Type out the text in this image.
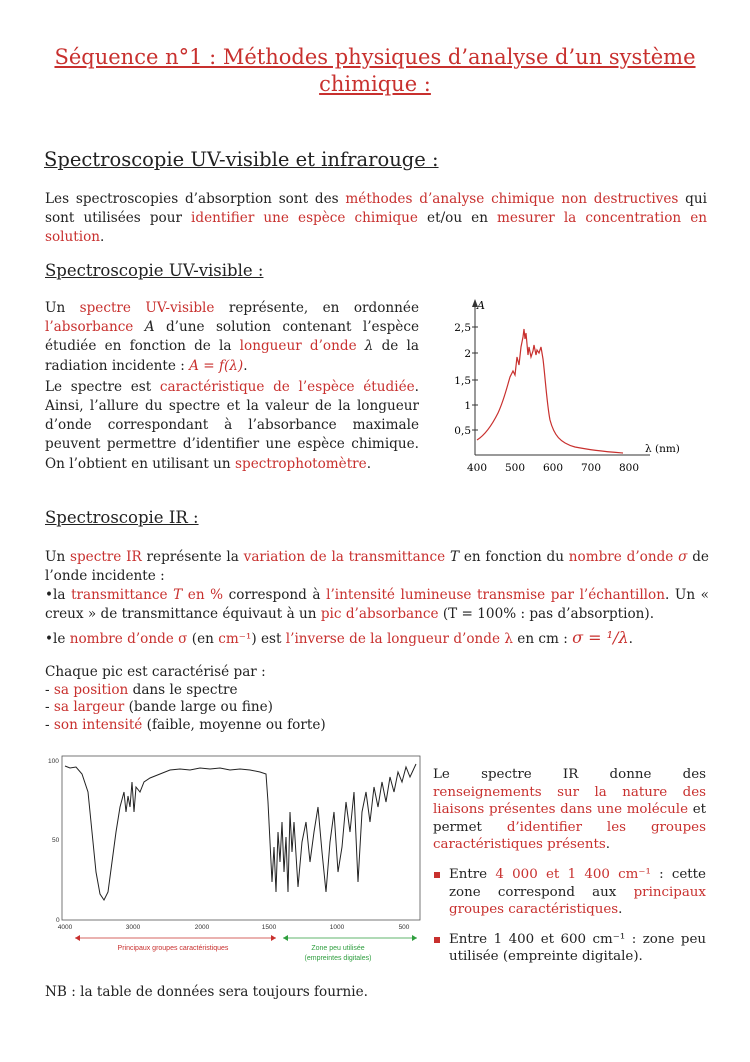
Séquence n°1 : Méthodes physiques d’analyse d’un système
chimique :
Spectroscopie UV-visible et infrarouge :
Les spectroscopies d’absorption sont des méthodes d’analyse chimique non destructives qui sont utilisées pour identifier une espèce chimique et/ou en mesurer la concentration en solution.
Spectroscopie UV-visible :

Un spectre UV-visible représente, en ordonnée l’absorbance A d’une solution contenant l’espèce étudiée en fonction de la longueur d’onde λ de la radiation incidente : A = f(λ).

Le spectre est caractéristique de l’espèce étudiée. Ainsi, l’allure du spectre et la valeur de la longueur d’onde correspondant à l’absorbance maximale peuvent permettre d’identifier une espèce chimique. On l’obtient en utilisant un spectrophotomètre.

A
λ (nm)
0,5
1
1,5
2
2,5
400 500 600 700 800
Spectroscopie IR :

Un spectre IR représente la variation de la transmittance T en fonction du nombre d’onde σ de l’onde incidente :

•la transmittance T en % correspond à l’intensité lumineuse transmise par l’échantillon. Un « creux » de transmittance équivaut à un pic d’absorbance (T = 100% : pas d’absorption).

•le nombre d’onde σ (en cm⁻¹) est l’inverse de la longueur d’onde λ en cm : σ = ¹/λ.

Chaque pic est caractérisé par :
- sa position dans le spectre
- sa largeur (bande large ou fine)
- son intensité (faible, moyenne ou forte)
100
50
0
4000	3000	2000	1500	1000	500
Principaux groupes caractéristiques	Zone peu utilisée
(empreintes digitales)

Le spectre IR donne des renseignements sur la nature des liaisons présentes dans une molécule et permet d’identifier les groupes caractéristiques présents.

Entre 4 000 et 1 400 cm⁻¹ : cette zone correspond aux principaux groupes caractéristiques.
Entre 1 400 et 600 cm⁻¹ : zone peu utilisée (empreinte digitale).
NB : la table de données sera toujours fournie.
